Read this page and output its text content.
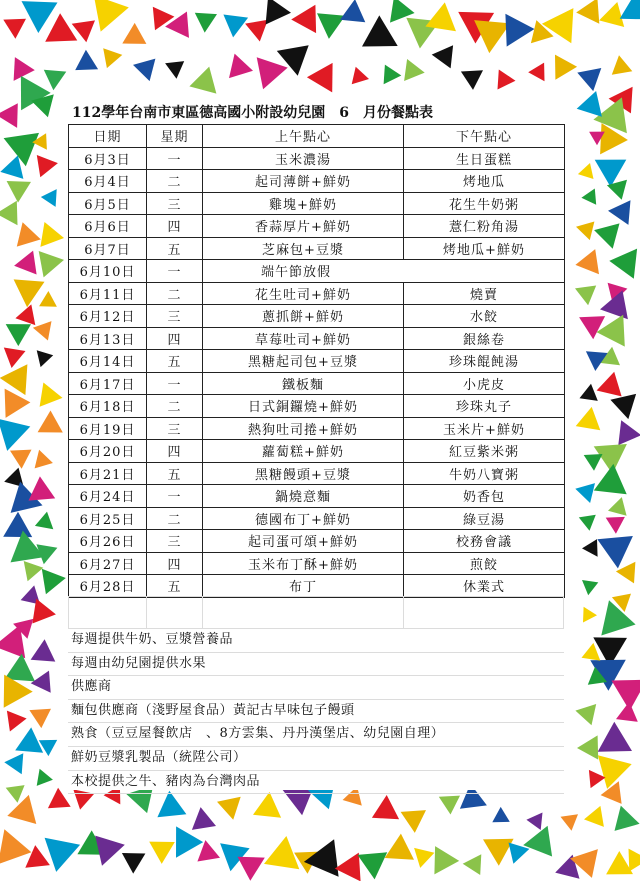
112學年台南市東區德高國小附設幼兒園　6　月份餐點表
日期	星期	上午點心	下午點心
6月3日	一	玉米濃湯	生日蛋糕
6月4日	二	起司薄餅+鮮奶	烤地瓜
6月5日	三	雞塊+鮮奶	花生牛奶粥
6月6日	四	香蒜厚片+鮮奶	薏仁粉角湯
6月7日	五	芝麻包+豆漿	烤地瓜+鮮奶
6月10日	一	端午節放假	
6月11日	二	花生吐司+鮮奶	燒賣
6月12日	三	蔥抓餅+鮮奶	水餃
6月13日	四	草莓吐司+鮮奶	銀絲卷
6月14日	五	黑糖起司包+豆漿	珍珠餛飩湯
6月17日	一	鐵板麵	小虎皮
6月18日	二	日式銅鑼燒+鮮奶	珍珠丸子
6月19日	三	熱狗吐司捲+鮮奶	玉米片+鮮奶
6月20日	四	蘿蔔糕+鮮奶	紅豆紫米粥
6月21日	五	黑糖饅頭+豆漿	牛奶八寶粥
6月24日	一	鍋燒意麵	奶香包
6月25日	二	德國布丁+鮮奶	綠豆湯
6月26日	三	起司蛋可頌+鮮奶	校務會議
6月27日	四	玉米布丁酥+鮮奶	煎餃
6月28日	五	布丁	休業式
每週提供牛奶、豆漿營養品
每週由幼兒園提供水果
供應商
麵包供應商（淺野屋食品）黃記古早味包子饅頭
熟食（豆豆屋餐飲店　、8方雲集、丹丹漢堡店、幼兒園自理）
鮮奶豆漿乳製品（統陞公司）
本校提供之牛、豬肉為台灣肉品
